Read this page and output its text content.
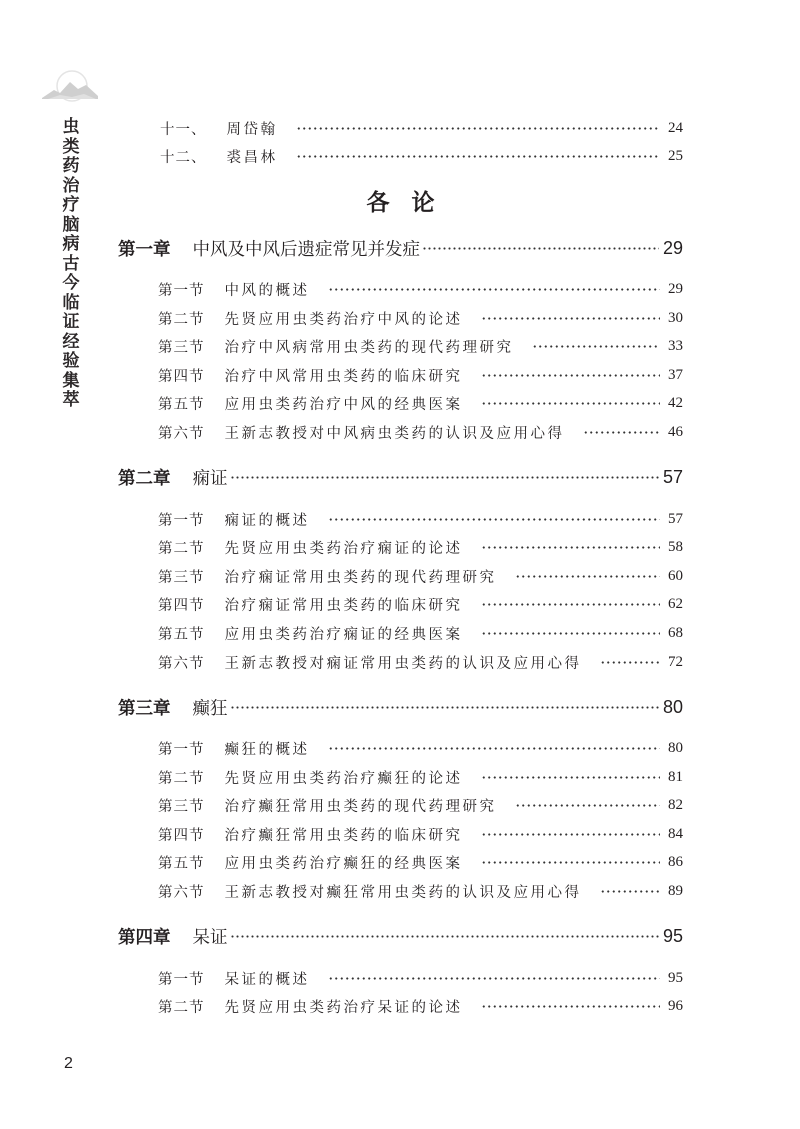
虫类药治疗脑病古今临证经验集萃
十一、 周岱翰	24
十二、 裘昌林	25
各论
第一章 中风及中风后遗症常见并发症	29
第一节 中风的概述	29
第二节 先贤应用虫类药治疗中风的论述	30
第三节 治疗中风病常用虫类药的现代药理研究	33
第四节 治疗中风常用虫类药的临床研究	37
第五节 应用虫类药治疗中风的经典医案	42
第六节 王新志教授对中风病虫类药的认识及应用心得	46
第二章 痫证	57
第一节 痫证的概述	57
第二节 先贤应用虫类药治疗痫证的论述	58
第三节 治疗痫证常用虫类药的现代药理研究	60
第四节 治疗痫证常用虫类药的临床研究	62
第五节 应用虫类药治疗痫证的经典医案	68
第六节 王新志教授对痫证常用虫类药的认识及应用心得	72
第三章 癫狂	80
第一节 癫狂的概述	80
第二节 先贤应用虫类药治疗癫狂的论述	81
第三节 治疗癫狂常用虫类药的现代药理研究	82
第四节 治疗癫狂常用虫类药的临床研究	84
第五节 应用虫类药治疗癫狂的经典医案	86
第六节 王新志教授对癫狂常用虫类药的认识及应用心得	89
第四章 呆证	95
第一节 呆证的概述	95
第二节 先贤应用虫类药治疗呆证的论述	96
2
